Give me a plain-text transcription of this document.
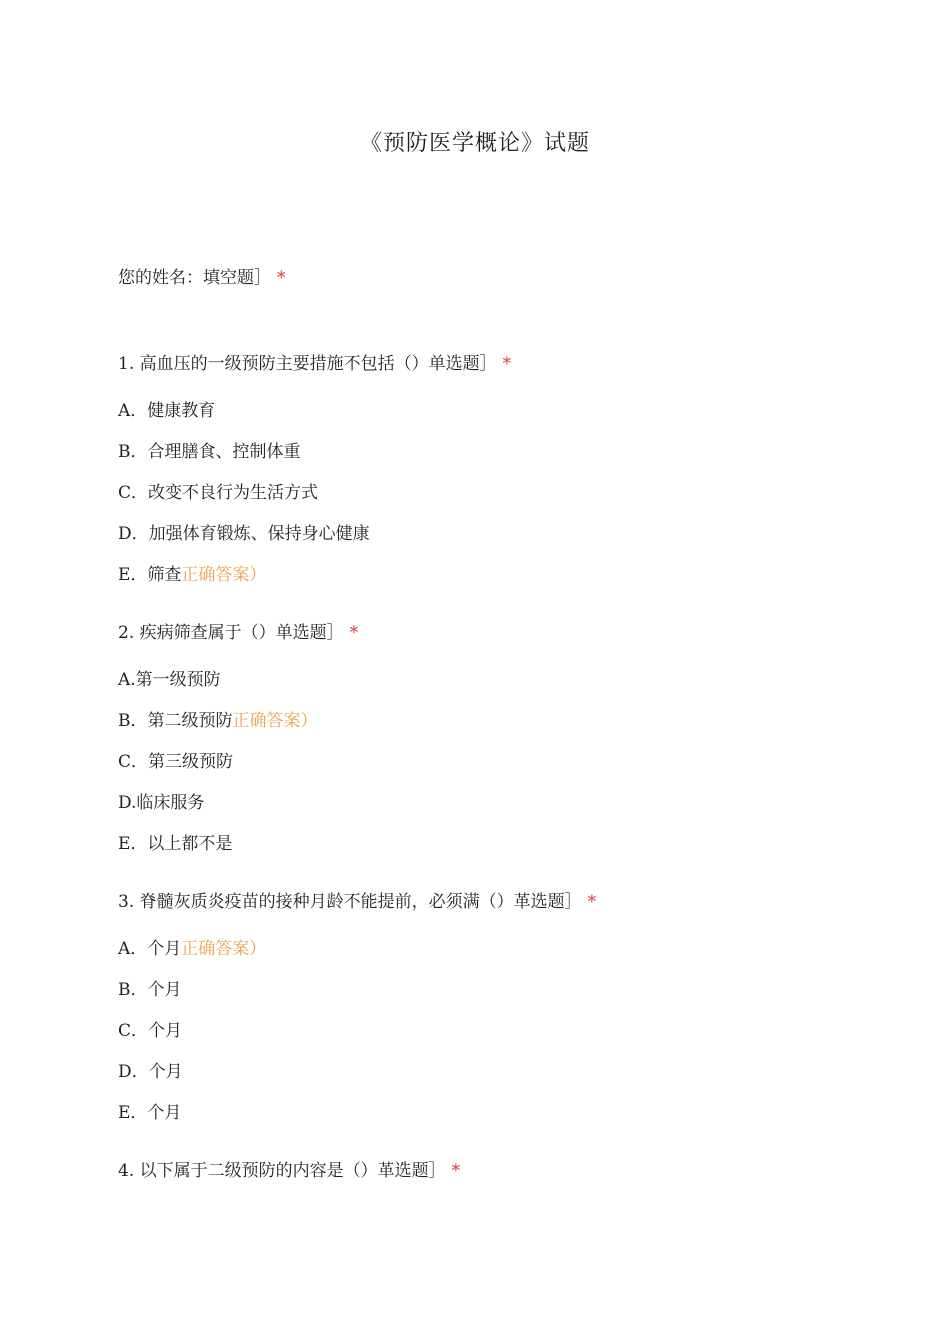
《预防医学概论》试题
您的姓名：填空题］ *
1. 高血压的一级预防主要措施不包括（）单选题］ *
A．健康教育
B．合理膳食、控制体重
C．改变不良行为生活方式
D．加强体育锻炼、保持身心健康
E．筛查正确答案）
2. 疾病筛查属于（）单选题］ *
A.第一级预防
B．第二级预防正确答案）
C．第三级预防
D.临床服务
E．以上都不是
3. 脊髓灰质炎疫苗的接种月龄不能提前，必须满（）革选题］ *
A．个月正确答案）
B．个月
C．个月
D．个月
E．个月
4. 以下属于二级预防的内容是（）革选题］ *
